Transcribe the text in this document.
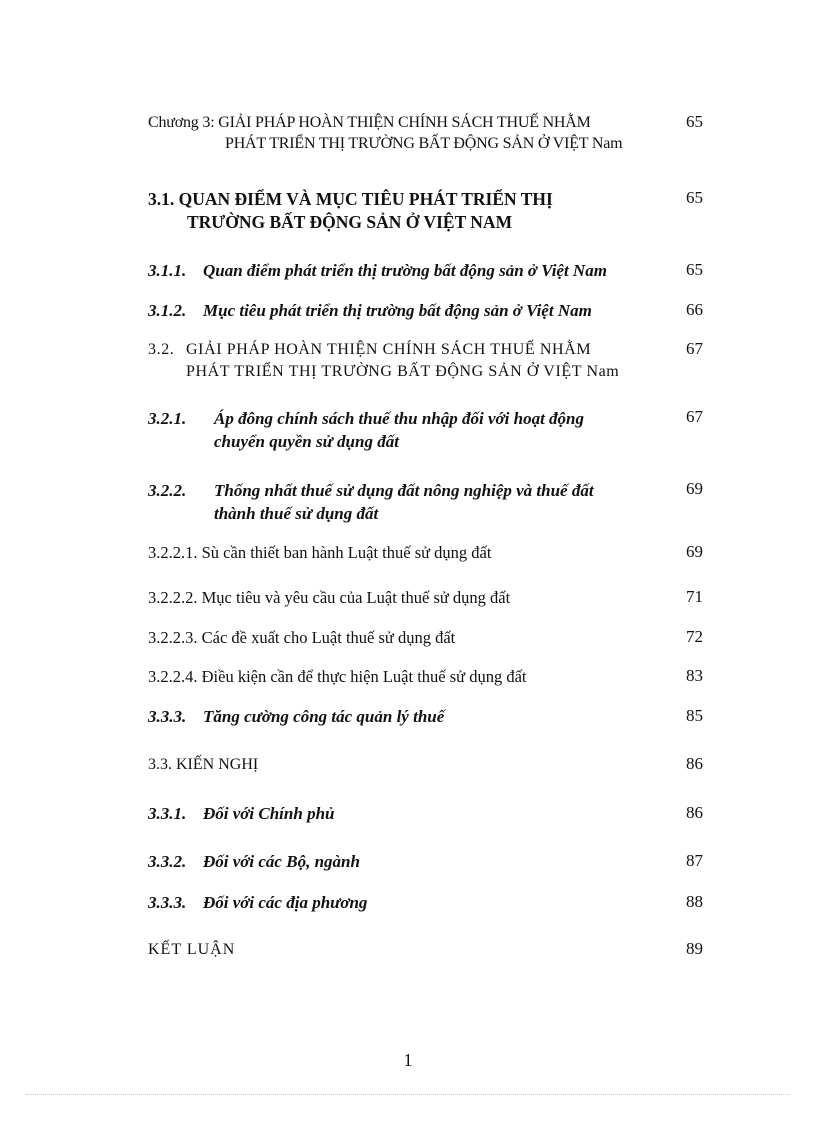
Chương 3: GIẢI PHÁP HOÀN THIỆN CHÍNH SÁCH THUẾ NHẰM
PHÁT TRIỂN THỊ TRƯỜNG BẤT ĐỘNG SẢN Ở VIỆT Nam
65
3.1. QUAN ĐIỂM VÀ MỤC TIÊU PHÁT TRIỂN THỊ
TRƯỜNG BẤT ĐỘNG SẢN Ở VIỆT NAM
65
3.1.1. Quan điểm phát triển thị trường bất động sản ở Việt Nam	65
3.1.2. Mục tiêu phát triển thị trường bất động sản ở Việt Nam	66
3.2. GIẢI PHÁP HOÀN THIỆN CHÍNH SÁCH THUẾ NHẰM
PHÁT TRIỂN THỊ TRƯỜNG BẤT ĐỘNG SẢN Ở VIỆT Nam
67
3.2.1. Áp đông chính sách thuế thu nhập đối với hoạt động
chuyển quyền sử dụng đất
67
3.2.2. Thống nhất thuế sử dụng đất nông nghiệp và thuế đất
thành thuế sử dụng đất
69
3.2.2.1. Sù cần thiết ban hành Luật thuế sử dụng đất	69
3.2.2.2. Mục tiêu và yêu cầu của Luật thuế sử dụng đất	71
3.2.2.3. Các đề xuất cho Luật thuế sử dụng đất	72
3.2.2.4. Điều kiện cần để thực hiện Luật thuế sử dụng đất	83
3.3.3. Tăng cường công tác quản lý thuế	85
3.3. KIẾN NGHỊ	86
3.3.1. Đối với Chính phủ	86
3.3.2. Đối với các Bộ, ngành	87
3.3.3. Đối với các địa phương	88
KẾT LUẬN	89
1
